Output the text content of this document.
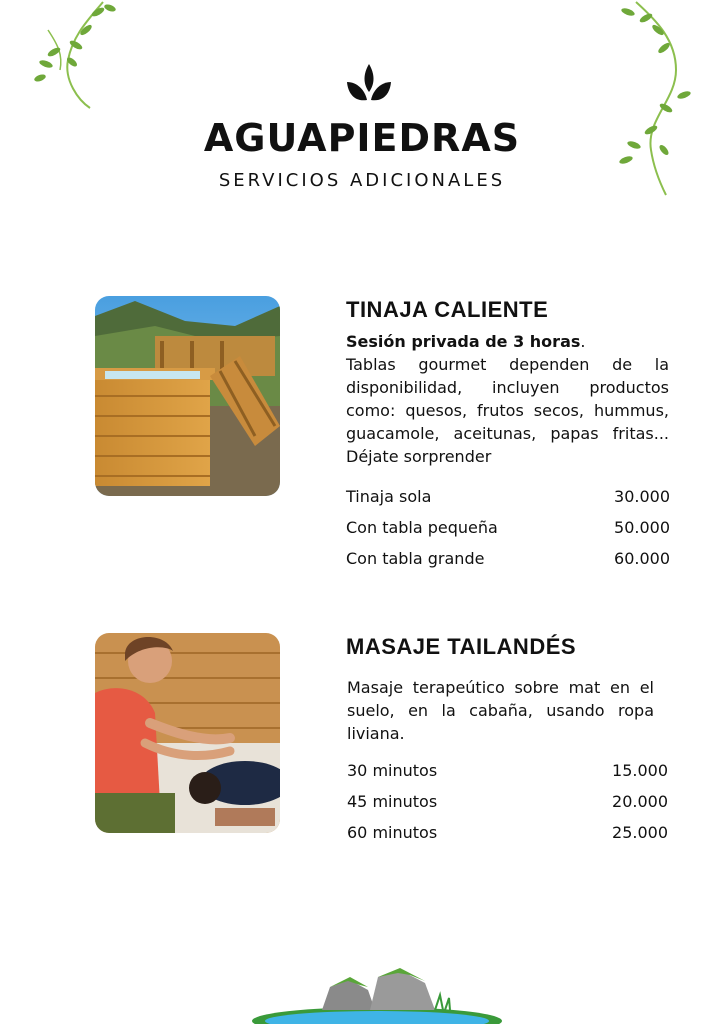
AGUAPIEDRAS
SERVICIOS ADICIONALES
TINAJA CALIENTE
Sesión privada de 3 horas.
Tablas gourmet dependen de la disponibilidad, incluyen productos como: quesos, frutos secos, hummus, guacamole, aceitunas, papas fritas... Déjate sorprender
Tinaja sola	30.000
Con tabla pequeña	50.000
Con tabla grande	60.000
MASAJE TAILANDÉS
Masaje terapeútico sobre mat en el suelo, en la cabaña, usando ropa liviana.
30 minutos	15.000
45 minutos	20.000
60 minutos	25.000
